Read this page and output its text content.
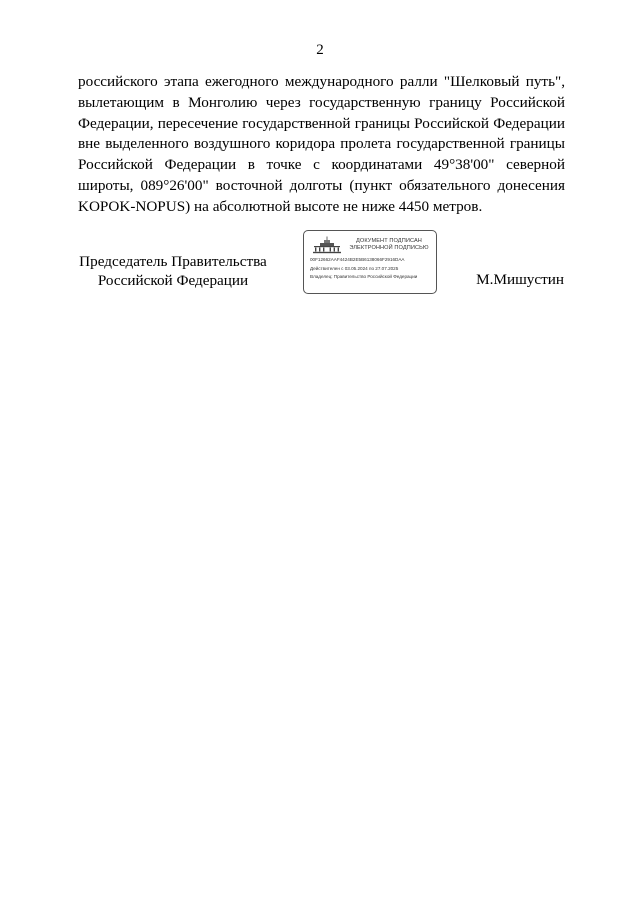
2
российского этапа ежегодного международного ралли "Шелковый путь",
вылетающим в Монголию через государственную границу Российской
Федерации, пересечение государственной границы Российской Федерации
вне выделенного воздушного коридора пролета государственной границы
Российской Федерации в точке с координатами 49°38'00" северной
широты, 089°26'00" восточной долготы (пункт обязательного донесения
KOPOK-NOPUS) на абсолютной высоте не ниже 4450 метров.
Председатель Правительства
Российской Федерации
ДОКУМЕНТ ПОДПИСАН
ЭЛЕКТРОННОЙ ПОДПИСЬЮ
00F12662AAF4424B2E5B6138066F2916DAA
Действителен с 03.05.2024 по 27.07.2025
Владелец: Правительство Российской Федерации	М.Мишустин
